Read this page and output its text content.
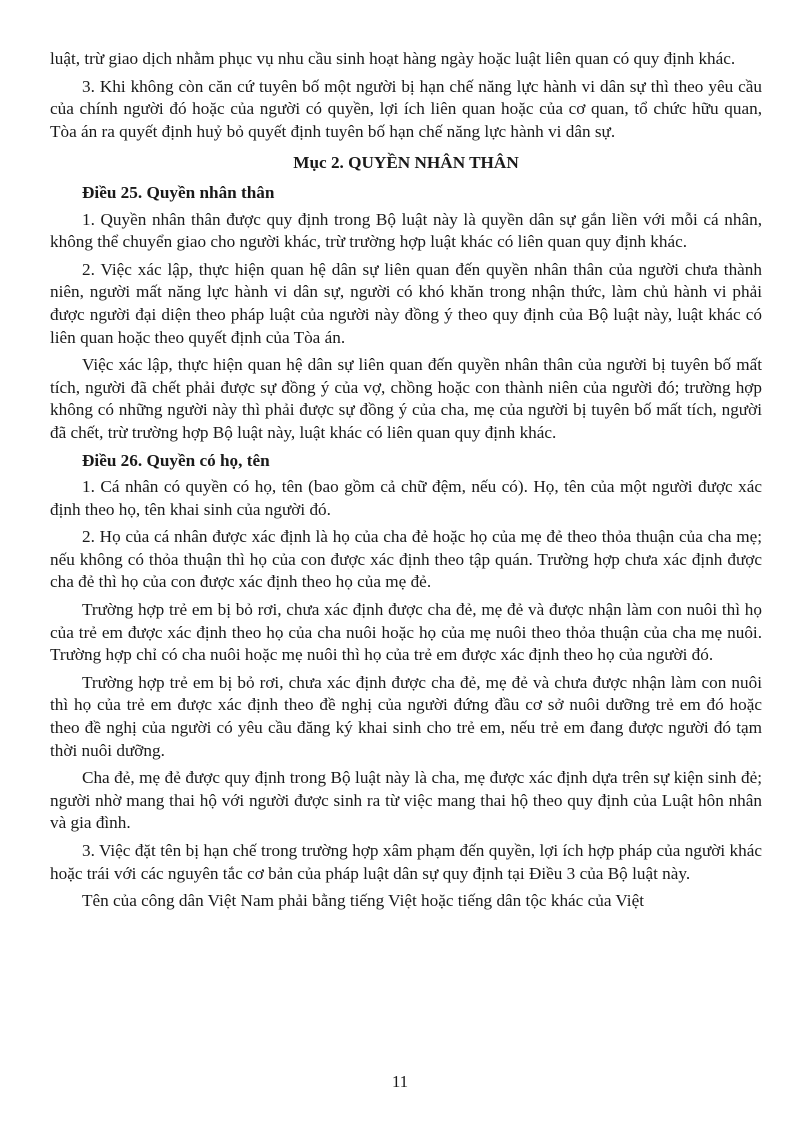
luật, trừ giao dịch nhằm phục vụ nhu cầu sinh hoạt hàng ngày hoặc luật liên quan có quy định khác.

3. Khi không còn căn cứ tuyên bố một người bị hạn chế năng lực hành vi dân sự thì theo yêu cầu của chính người đó hoặc của người có quyền, lợi ích liên quan hoặc của cơ quan, tổ chức hữu quan, Tòa án ra quyết định huỷ bỏ quyết định tuyên bố hạn chế năng lực hành vi dân sự.

Mục 2. QUYỀN NHÂN THÂN
Điều 25. Quyền nhân thân

1. Quyền nhân thân được quy định trong Bộ luật này là quyền dân sự gắn liền với mỗi cá nhân, không thể chuyển giao cho người khác, trừ trường hợp luật khác có liên quan quy định khác.

2. Việc xác lập, thực hiện quan hệ dân sự liên quan đến quyền nhân thân của người chưa thành niên, người mất năng lực hành vi dân sự, người có khó khăn trong nhận thức, làm chủ hành vi phải được người đại diện theo pháp luật của người này đồng ý theo quy định của Bộ luật này, luật khác có liên quan hoặc theo quyết định của Tòa án.

Việc xác lập, thực hiện quan hệ dân sự liên quan đến quyền nhân thân của người bị tuyên bố mất tích, người đã chết phải được sự đồng ý của vợ, chồng hoặc con thành niên của người đó; trường hợp không có những người này thì phải được sự đồng ý của cha, mẹ của người bị tuyên bố mất tích, người đã chết, trừ trường hợp Bộ luật này, luật khác có liên quan quy định khác.

Điều 26. Quyền có họ, tên

1. Cá nhân có quyền có họ, tên (bao gồm cả chữ đệm, nếu có). Họ, tên của một người được xác định theo họ, tên khai sinh của người đó.

2. Họ của cá nhân được xác định là họ của cha đẻ hoặc họ của mẹ đẻ theo thỏa thuận của cha mẹ; nếu không có thỏa thuận thì họ của con được xác định theo tập quán. Trường hợp chưa xác định được cha đẻ thì họ của con được xác định theo họ của mẹ đẻ.

Trường hợp trẻ em bị bỏ rơi, chưa xác định được cha đẻ, mẹ đẻ và được nhận làm con nuôi thì họ của trẻ em được xác định theo họ của cha nuôi hoặc họ của mẹ nuôi theo thỏa thuận của cha mẹ nuôi. Trường hợp chỉ có cha nuôi hoặc mẹ nuôi thì họ của trẻ em được xác định theo họ của người đó.

Trường hợp trẻ em bị bỏ rơi, chưa xác định được cha đẻ, mẹ đẻ và chưa được nhận làm con nuôi thì họ của trẻ em được xác định theo đề nghị của người đứng đầu cơ sở nuôi dưỡng trẻ em đó hoặc theo đề nghị của người có yêu cầu đăng ký khai sinh cho trẻ em, nếu trẻ em đang được người đó tạm thời nuôi dưỡng.

Cha đẻ, mẹ đẻ được quy định trong Bộ luật này là cha, mẹ được xác định dựa trên sự kiện sinh đẻ; người nhờ mang thai hộ với người được sinh ra từ việc mang thai hộ theo quy định của Luật hôn nhân và gia đình.

3. Việc đặt tên bị hạn chế trong trường hợp xâm phạm đến quyền, lợi ích hợp pháp của người khác hoặc trái với các nguyên tắc cơ bản của pháp luật dân sự quy định tại Điều 3 của Bộ luật này.

Tên của công dân Việt Nam phải bằng tiếng Việt hoặc tiếng dân tộc khác của Việt

11
